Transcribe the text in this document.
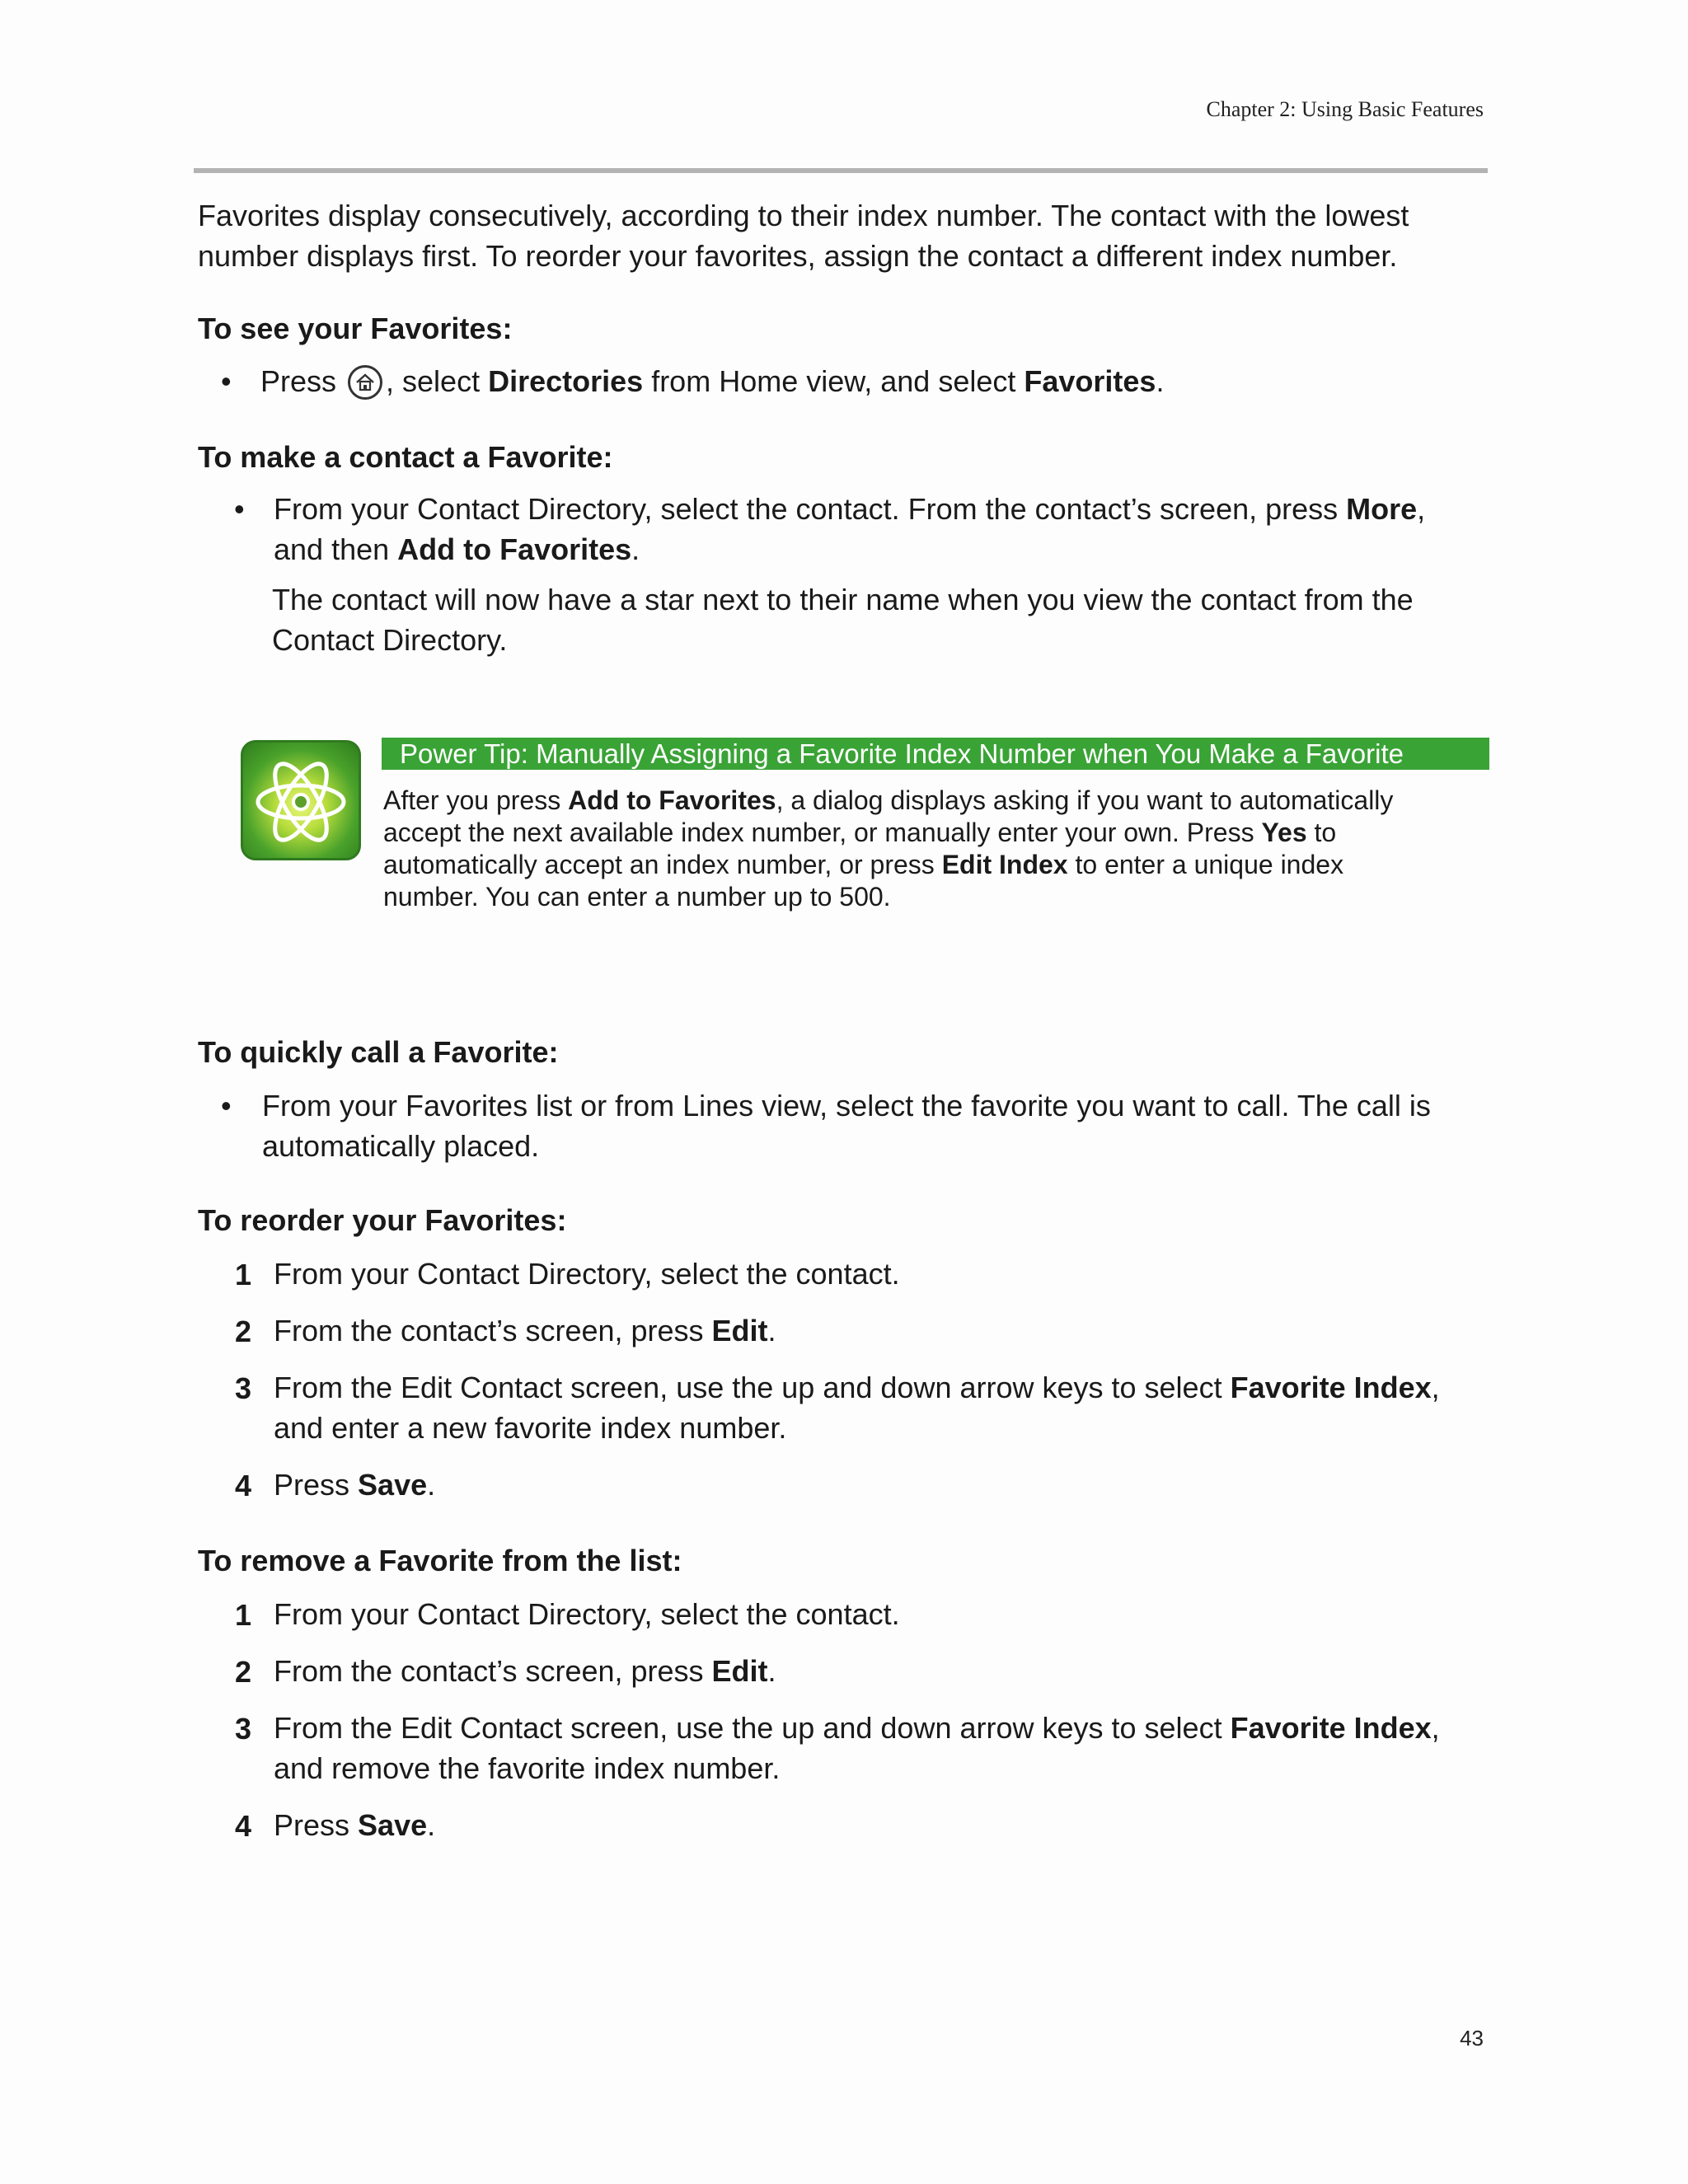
Chapter 2: Using Basic Features
Favorites display consecutively, according to their index number. The contact with the lowest
number displays first. To reorder your favorites, assign the contact a different index number.
To see your Favorites:
• Press , select Directories from Home view, and select Favorites.
To make a contact a Favorite:
• From your Contact Directory, select the contact. From the contact’s screen, press More,
and then Add to Favorites.
The contact will now have a star next to their name when you view the contact from the
Contact Directory.
Power Tip: Manually Assigning a Favorite Index Number when You Make a Favorite
After you press Add to Favorites, a dialog displays asking if you want to automatically
accept the next available index number, or manually enter your own. Press Yes to
automatically accept an index number, or press Edit Index to enter a unique index
number. You can enter a number up to 500.
To quickly call a Favorite:
• From your Favorites list or from Lines view, select the favorite you want to call. The call is
automatically placed.
To reorder your Favorites:
1 From your Contact Directory, select the contact.
2 From the contact’s screen, press Edit.
3 From the Edit Contact screen, use the up and down arrow keys to select Favorite Index,
and enter a new favorite index number.
4 Press Save.
To remove a Favorite from the list:
1 From your Contact Directory, select the contact.
2 From the contact’s screen, press Edit.
3 From the Edit Contact screen, use the up and down arrow keys to select Favorite Index,
and remove the favorite index number.
4 Press Save.
43
